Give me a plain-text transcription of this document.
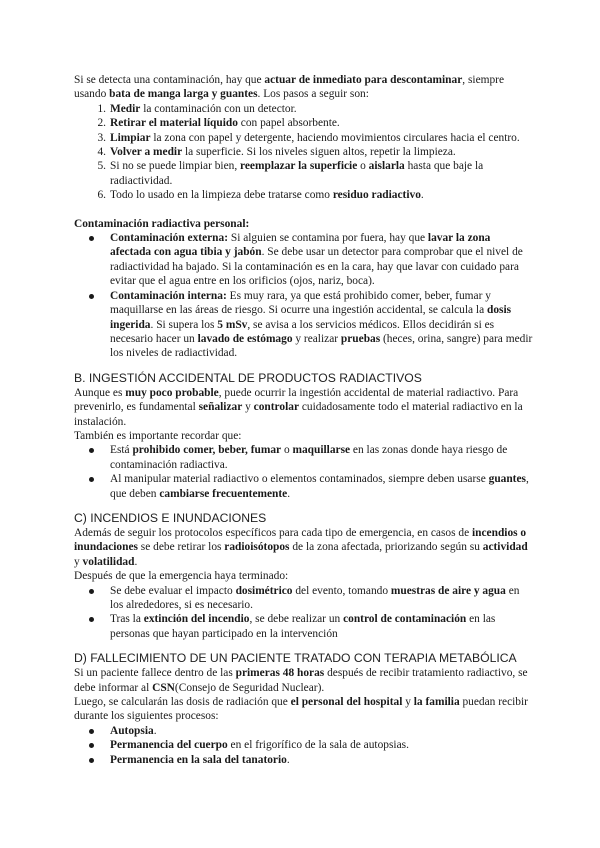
Si se detecta una contaminación, hay que actuar de inmediato para descontaminar, siempre usando bata de manga larga y guantes. Los pasos a seguir son:

1. Medir la contaminación con un detector.
2. Retirar el material líquido con papel absorbente.
3. Limpiar la zona con papel y detergente, haciendo movimientos circulares hacia el centro.
4. Volver a medir la superficie. Si los niveles siguen altos, repetir la limpieza.
5. Si no se puede limpiar bien, reemplazar la superficie o aislarla hasta que baje la radiactividad.
6. Todo lo usado en la limpieza debe tratarse como residuo radiactivo.

Contaminación radiactiva personal:

Contaminación externa: Si alguien se contamina por fuera, hay que lavar la zona afectada con agua tibia y jabón. Se debe usar un detector para comprobar que el nivel de radiactividad ha bajado. Si la contaminación es en la cara, hay que lavar con cuidado para evitar que el agua entre en los orificios (ojos, nariz, boca).
Contaminación interna: Es muy rara, ya que está prohibido comer, beber, fumar y maquillarse en las áreas de riesgo. Si ocurre una ingestión accidental, se calcula la dosis ingerida. Si supera los 5 mSv, se avisa a los servicios médicos. Ellos decidirán si es necesario hacer un lavado de estómago y realizar pruebas (heces, orina, sangre) para medir los niveles de radiactividad.

B. INGESTIÓN ACCIDENTAL DE PRODUCTOS RADIACTIVOS

Aunque es muy poco probable, puede ocurrir la ingestión accidental de material radiactivo. Para prevenirlo, es fundamental señalizar y controlar cuidadosamente todo el material radiactivo en la instalación.

También es importante recordar que:

Está prohibido comer, beber, fumar o maquillarse en las zonas donde haya riesgo de contaminación radiactiva.
Al manipular material radiactivo o elementos contaminados, siempre deben usarse guantes, que deben cambiarse frecuentemente.

C) INCENDIOS E INUNDACIONES

Además de seguir los protocolos específicos para cada tipo de emergencia, en casos de incendios o inundaciones se debe retirar los radioisótopos de la zona afectada, priorizando según su actividad y volatilidad.

Después de que la emergencia haya terminado:

Se debe evaluar el impacto dosimétrico del evento, tomando muestras de aire y agua en los alrededores, si es necesario.
Tras la extinción del incendio, se debe realizar un control de contaminación en las personas que hayan participado en la intervención

D) FALLECIMIENTO DE UN PACIENTE TRATADO CON TERAPIA METABÓLICA

Si un paciente fallece dentro de las primeras 48 horas después de recibir tratamiento radiactivo, se debe informar al CSN(Consejo de Seguridad Nuclear).

Luego, se calcularán las dosis de radiación que el personal del hospital y la familia puedan recibir durante los siguientes procesos:

Autopsia.
Permanencia del cuerpo en el frigorífico de la sala de autopsias.
Permanencia en la sala del tanatorio.
